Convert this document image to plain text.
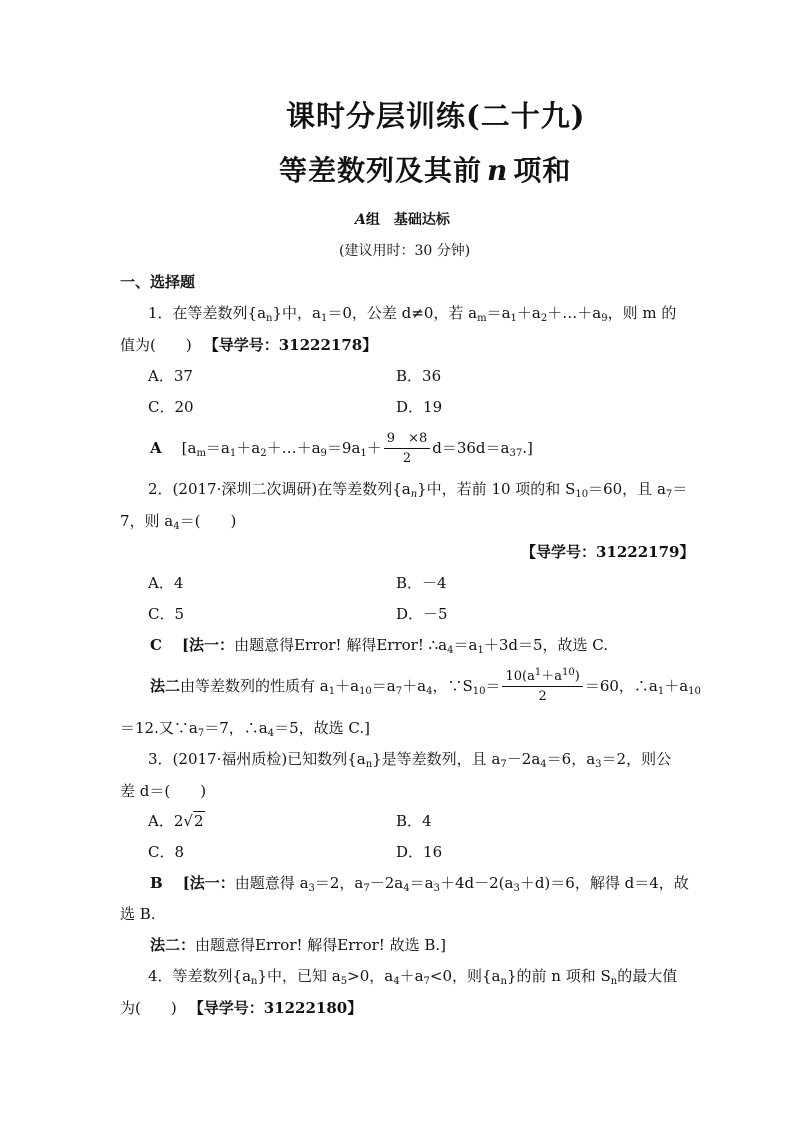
课时分层训练(二十九)
等差数列及其前 n 项和
A组　基础达标
(建议用时：30 分钟)
一、选择题
1．在等差数列$\{a_n\}$中，$a_1=0$，公差 d≠0，若 $a_m=a_1+a_2+\dots+a_9$，则 m 的
值为(　　) 【导学号：31222178】
A．37	B．36
C．20	D．19
A $[a_m=a_1+a_2+\dots+a_9=9a_1+ \frac{9 \times 8}{2} d=36d=a_{37}.]$
2．(2017·深圳二次调研)在等差数列$\{a_n\}$中，若前 10 项的和 $S_{10}=60$，且 $a_7=$
7，则 $a_4=$(　　)
【导学号：31222179】
A．4	B．－4
C．5	D．－5
C [法一：由题意得Error! 解得Error! $\therefore a_4=a_1+3d=5$，故选 C.
法二 由等差数列的性质有 $a_1+a_{10}=a_7+a_4$，$\because S_{10}= \frac{10(a^1+a^{10})}{2} =60$，$\therefore a_1+a_{10}$
＝12.又$\because a_7=7$，$\therefore a_4=5$，故选 C.]
3．(2017·福州质检)已知数列$\{a_n\}$是等差数列，且 $a_7-2a_4=6$，$a_3=2$，则公
差 d＝(　　)
A．2√2	B．4
C．8	D．16
B [法一：由题意得 $a_3=2$，$a_7-2a_4=a_3+4d-2(a_3+d)=6$，解得 d＝4，故
选 B.
法二：由题意得Error! 解得Error! 故选 B.]
4．等差数列$\{a_n\}$中，已知 $a_5>0$，$a_4+a_7<0$，则$\{a_n\}$的前 n 项和 $S_n$的最大值
为(　　) 【导学号：31222180】
